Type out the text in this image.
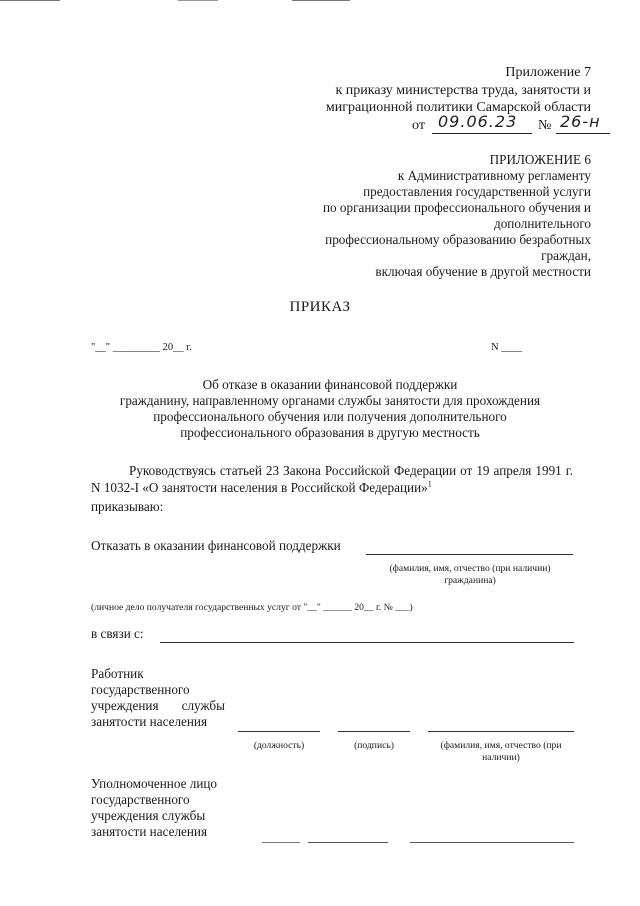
Приложение 7
к приказу министерства труда, занятости и
миграционной политики Самарской области
от 09.06.23 № 26-н
ПРИЛОЖЕНИЕ 6
к Административному регламенту
предоставления государственной услуги
по организации профессионального обучения и
дополнительного
профессиональному образованию безработных
граждан,
включая обучение в другой местности
ПРИКАЗ
"__" _________ 20__ г.	N ____
Об отказе в оказании финансовой поддержки
гражданину, направленному органами службы занятости для прохождения
профессионального обучения или получения дополнительного
профессионального образования в другую местность
Руководствуясь статьей 23 Закона Российской Федерации от 19 апреля 1991 г. N 1032-I «О занятости населения в Российской Федерации»$^1$
приказываю:
Отказать в оказании финансовой поддержки
(фамилия, имя, отчество (при наличии)
гражданина)
(личное дело получателя государственных услуг от "__" ______ 20__ г. № ___)
в связи с:
Работник
государственного
учреждения       службы
занятости населения
(должность)	(подпись)	(фамилия, имя, отчество (при
наличии)
Уполномоченное лицо
государственного
учреждения службы
занятости населения
